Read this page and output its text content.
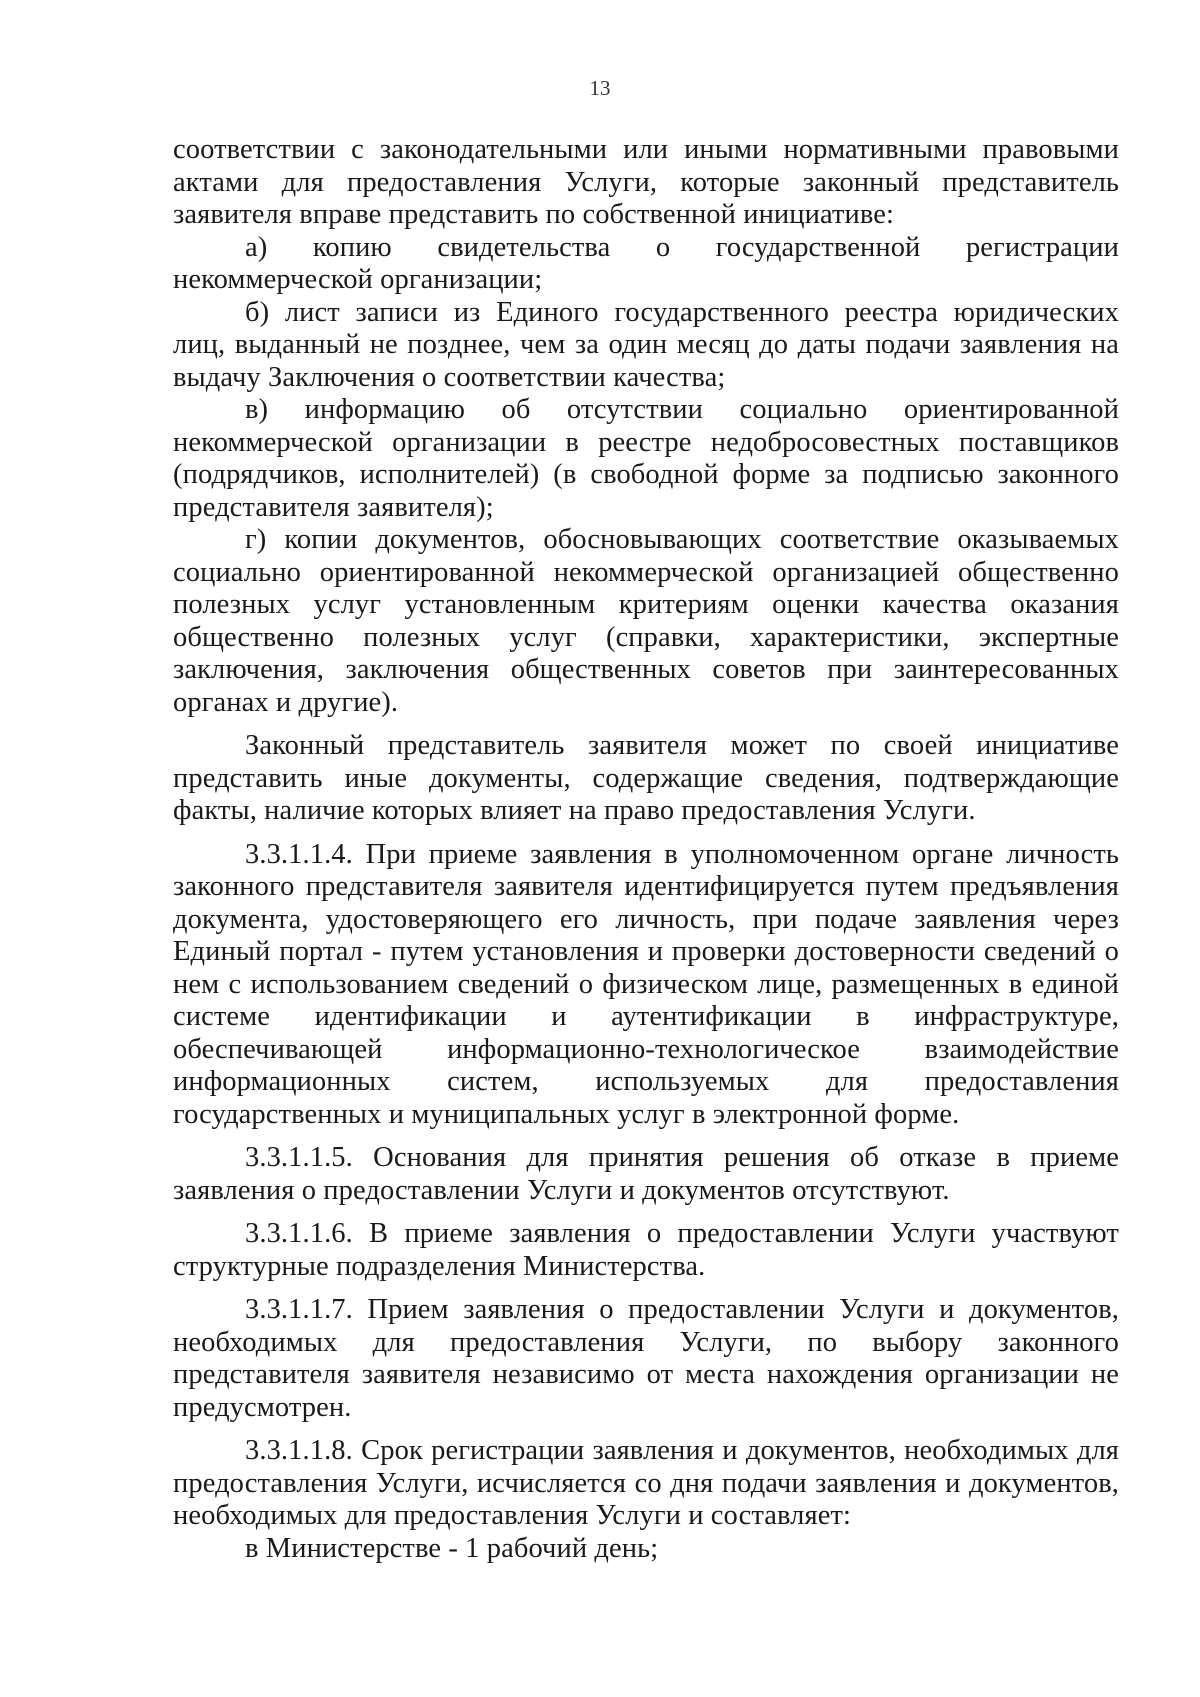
13

соответствии с законодательными или иными нормативными правовыми актами для предоставления Услуги, которые законный представитель заявителя вправе представить по собственной инициативе:

а) копию свидетельства о государственной регистрации некоммерческой организации;

б) лист записи из Единого государственного реестра юридических лиц, выданный не позднее, чем за один месяц до даты подачи заявления на выдачу Заключения о соответствии качества;

в) информацию об отсутствии социально ориентированной некоммерческой организации в реестре недобросовестных поставщиков (подрядчиков, исполнителей) (в свободной форме за подписью законного представителя заявителя);

г) копии документов, обосновывающих соответствие оказываемых социально ориентированной некоммерческой организацией общественно полезных услуг установленным критериям оценки качества оказания общественно полезных услуг (справки, характеристики, экспертные заключения, заключения общественных советов при заинтересованных органах и другие).

Законный представитель заявителя может по своей инициативе представить иные документы, содержащие сведения, подтверждающие факты, наличие которых влияет на право предоставления Услуги.

3.3.1.1.4. При приеме заявления в уполномоченном органе личность законного представителя заявителя идентифицируется путем предъявления документа, удостоверяющего его личность, при подаче заявления через Единый портал - путем установления и проверки достоверности сведений о нем с использованием сведений о физическом лице, размещенных в единой системе идентификации и аутентификации в инфраструктуре, обеспечивающей информационно-технологическое взаимодействие информационных систем, используемых для предоставления государственных и муниципальных услуг в электронной форме.

3.3.1.1.5. Основания для принятия решения об отказе в приеме заявления о предоставлении Услуги и документов отсутствуют.

3.3.1.1.6. В приеме заявления о предоставлении Услуги участвуют структурные подразделения Министерства.

3.3.1.1.7. Прием заявления о предоставлении Услуги и документов, необходимых для предоставления Услуги, по выбору законного представителя заявителя независимо от места нахождения организации не предусмотрен.

3.3.1.1.8. Срок регистрации заявления и документов, необходимых для предоставления Услуги, исчисляется со дня подачи заявления и документов, необходимых для предоставления Услуги и составляет:

в Министерстве - 1 рабочий день;
